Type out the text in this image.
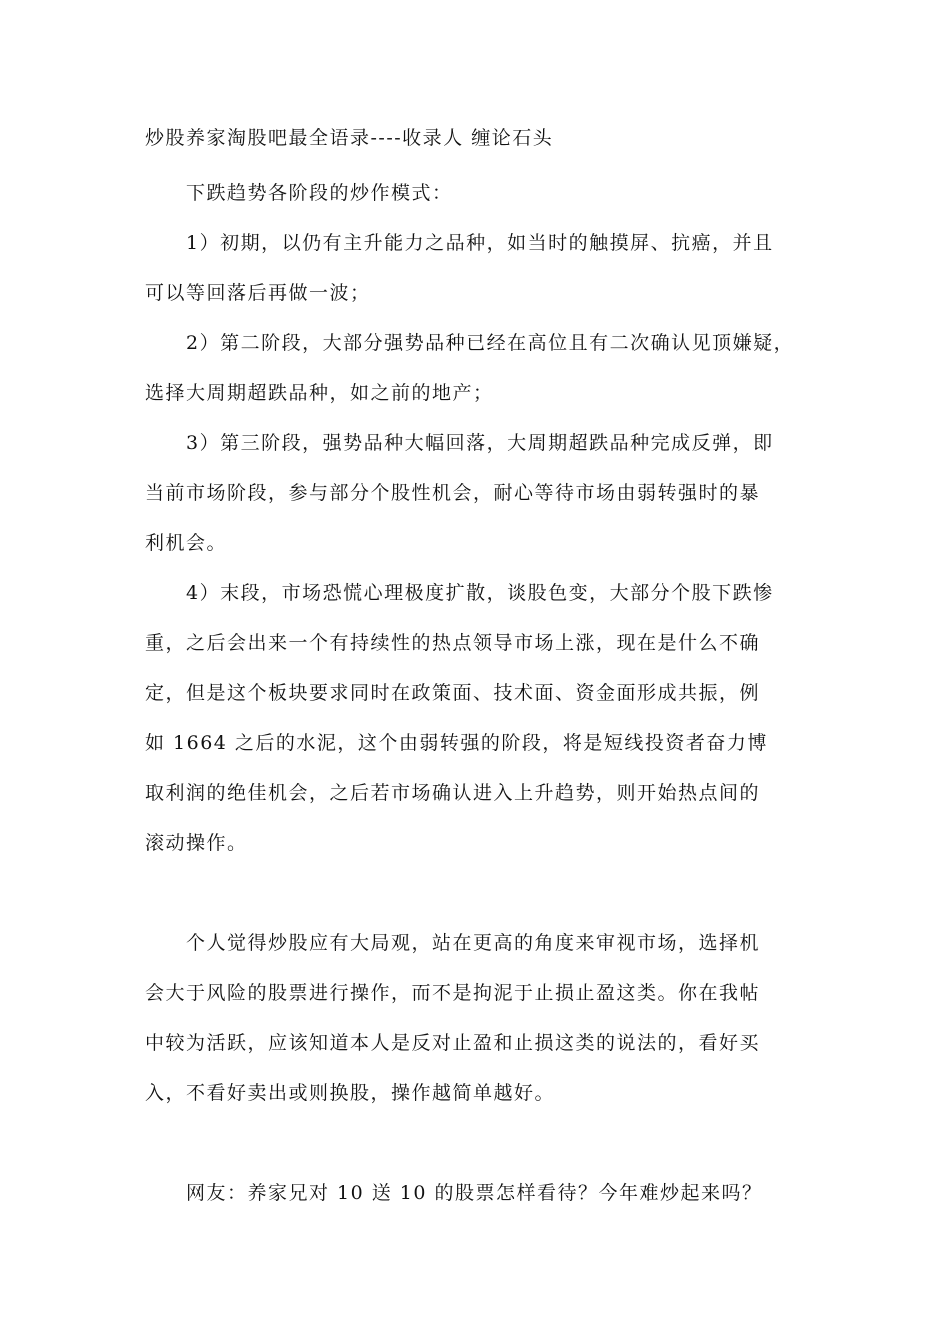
炒股养家淘股吧最全语录----收录人 缠论石头
　　下跌趋势各阶段的炒作模式：
　　1）初期，以仍有主升能力之品种，如当时的触摸屏、抗癌，并且
可以等回落后再做一波；
　　2）第二阶段，大部分强势品种已经在高位且有二次确认见顶嫌疑，
选择大周期超跌品种，如之前的地产；
　　3）第三阶段，强势品种大幅回落，大周期超跌品种完成反弹，即
当前市场阶段，参与部分个股性机会，耐心等待市场由弱转强时的暴
利机会。
　　4）末段，市场恐慌心理极度扩散，谈股色变，大部分个股下跌惨
重，之后会出来一个有持续性的热点领导市场上涨，现在是什么不确
定，但是这个板块要求同时在政策面、技术面、资金面形成共振，例
如 1664 之后的水泥，这个由弱转强的阶段，将是短线投资者奋力博
取利润的绝佳机会，之后若市场确认进入上升趋势，则开始热点间的
滚动操作。
　　个人觉得炒股应有大局观，站在更高的角度来审视市场，选择机
会大于风险的股票进行操作，而不是拘泥于止损止盈这类。你在我帖
中较为活跃，应该知道本人是反对止盈和止损这类的说法的，看好买
入，不看好卖出或则换股，操作越简单越好。
　　网友：养家兄对 10 送 10 的股票怎样看待？今年难炒起来吗？
